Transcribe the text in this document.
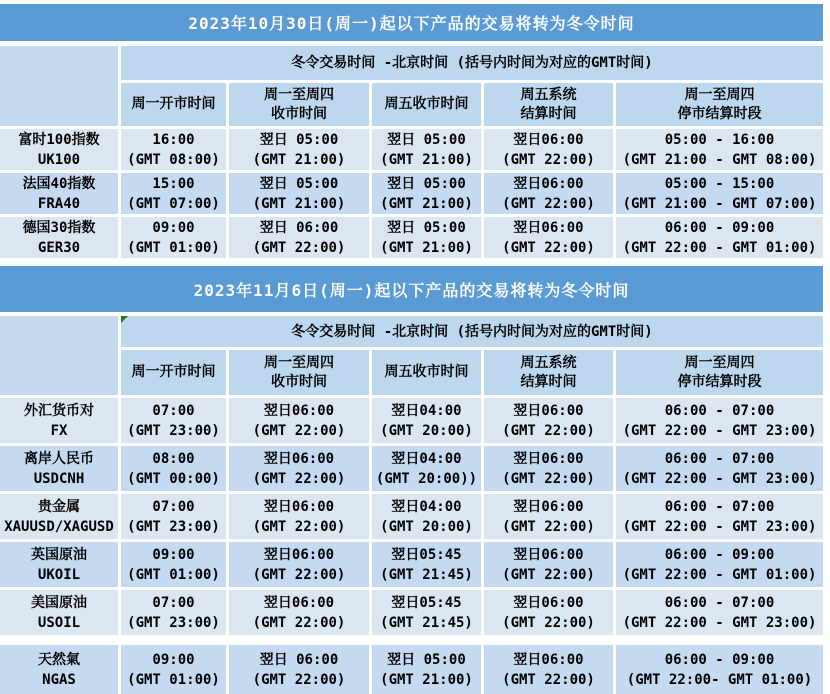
2023年10月30日(周一)起以下产品的交易将转为冬令时间
冬令交易时间 -北京时间 (括号内时间为对应的GMT时间)
周一开市时间
周一至周四
收市时间
周五收市时间
周五系统
结算时间
周一至周四
停市结算时段
富时100指数
UK100
16:00
(GMT 08:00)
翌日 05:00
(GMT 21:00)
翌日 05:00
(GMT 21:00)
翌日06:00
(GMT 22:00)
05:00 - 16:00
(GMT 21:00 - GMT 08:00)
法国40指数
FRA40
15:00
(GMT 07:00)
翌日 05:00
(GMT 21:00)
翌日 05:00
(GMT 21:00)
翌日06:00
(GMT 22:00)
05:00 - 15:00
(GMT 21:00 - GMT 07:00)
德国30指数
GER30
09:00
(GMT 01:00)
翌日 06:00
(GMT 22:00)
翌日 05:00
(GMT 21:00)
翌日06:00
(GMT 22:00)
06:00 - 09:00
(GMT 22:00 - GMT 01:00)
2023年11月6日(周一)起以下产品的交易将转为冬令时间
冬令交易时间 -北京时间 (括号内时间为对应的GMT时间)
周一开市时间
周一至周四
收市时间
周五收市时间
周五系统
结算时间
周一至周四
停市结算时段
外汇货币对
FX
07:00
(GMT 23:00)
翌日06:00
(GMT 22:00)
翌日04:00
(GMT 20:00)
翌日06:00
(GMT 22:00)
06:00 - 07:00
(GMT 22:00 - GMT 23:00)
离岸人民币
USDCNH
08:00
(GMT 00:00)
翌日06:00
(GMT 22:00)
翌日04:00
(GMT 20:00))
翌日06:00
(GMT 22:00)
06:00 - 07:00
(GMT 22:00 - GMT 23:00)
贵金属
XAUUSD/XAGUSD
07:00
(GMT 23:00)
翌日06:00
(GMT 22:00)
翌日04:00
(GMT 20:00)
翌日06:00
(GMT 22:00)
06:00 - 07:00
(GMT 22:00 - GMT 23:00)
英国原油
UKOIL
09:00
(GMT 01:00)
翌日06:00
(GMT 22:00)
翌日05:45
(GMT 21:45)
翌日06:00
(GMT 22:00)
06:00 - 09:00
(GMT 22:00 - GMT 01:00)
美国原油
USOIL
07:00
(GMT 23:00)
翌日06:00
(GMT 22:00)
翌日05:45
(GMT 21:45)
翌日06:00
(GMT 22:00)
06:00 - 07:00
(GMT 22:00 - GMT 23:00)
天然氣
NGAS
09:00
(GMT 01:00)
翌日 06:00
(GMT 22:00)
翌日 05:00
(GMT 21:00)
翌日06:00
(GMT 22:00)
06:00 - 09:00
(GMT 22:00- GMT 01:00)
